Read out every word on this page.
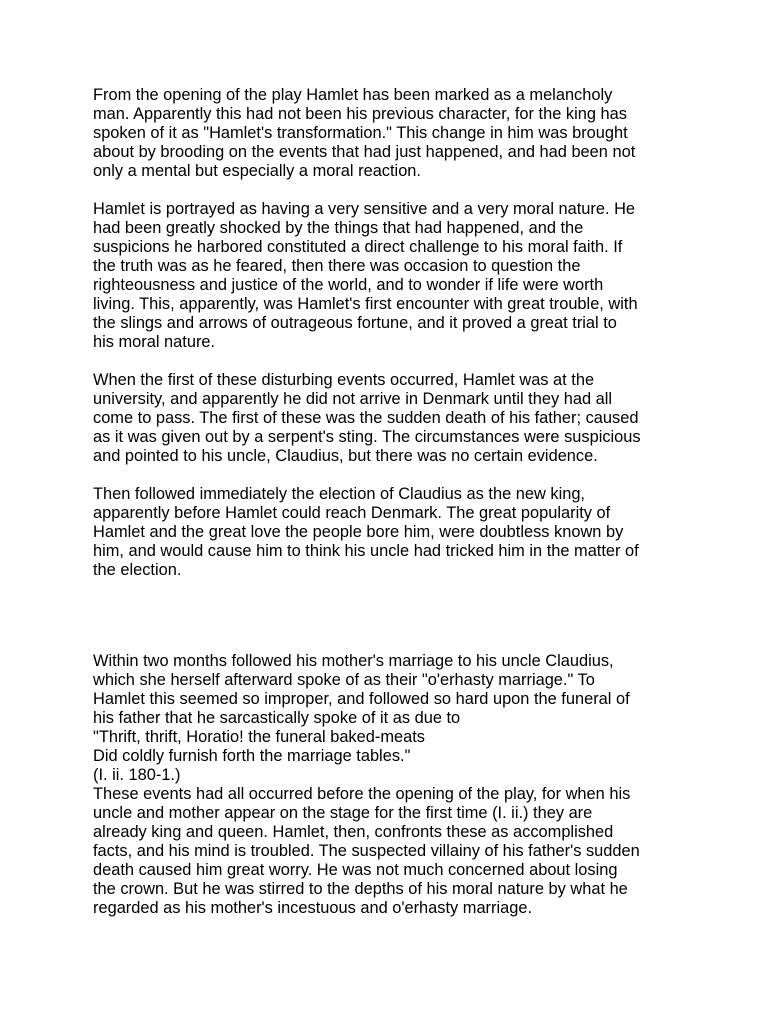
From the opening of the play Hamlet has been marked as a melancholy
man. Apparently this had not been his previous character, for the king has
spoken of it as "Hamlet's transformation." This change in him was brought
about by brooding on the events that had just happened, and had been not
only a mental but especially a moral reaction.
Hamlet is portrayed as having a very sensitive and a very moral nature. He
had been greatly shocked by the things that had happened, and the
suspicions he harbored constituted a direct challenge to his moral faith. If
the truth was as he feared, then there was occasion to question the
righteousness and justice of the world, and to wonder if life were worth
living. This, apparently, was Hamlet's first encounter with great trouble, with
the slings and arrows of outrageous fortune, and it proved a great trial to
his moral nature.
When the first of these disturbing events occurred, Hamlet was at the
university, and apparently he did not arrive in Denmark until they had all
come to pass. The first of these was the sudden death of his father; caused
as it was given out by a serpent's sting. The circumstances were suspicious
and pointed to his uncle, Claudius, but there was no certain evidence.
Then followed immediately the election of Claudius as the new king,
apparently before Hamlet could reach Denmark. The great popularity of
Hamlet and the great love the people bore him, were doubtless known by
him, and would cause him to think his uncle had tricked him in the matter of
the election.
Within two months followed his mother's marriage to his uncle Claudius,
which she herself afterward spoke of as their "o'erhasty marriage." To
Hamlet this seemed so improper, and followed so hard upon the funeral of
his father that he sarcastically spoke of it as due to
"Thrift, thrift, Horatio! the funeral baked-meats
Did coldly furnish forth the marriage tables."
(I. ii. 180-1.)
These events had all occurred before the opening of the play, for when his
uncle and mother appear on the stage for the first time (I. ii.) they are
already king and queen. Hamlet, then, confronts these as accomplished
facts, and his mind is troubled. The suspected villainy of his father's sudden
death caused him great worry. He was not much concerned about losing
the crown. But he was stirred to the depths of his moral nature by what he
regarded as his mother's incestuous and o'erhasty marriage.
